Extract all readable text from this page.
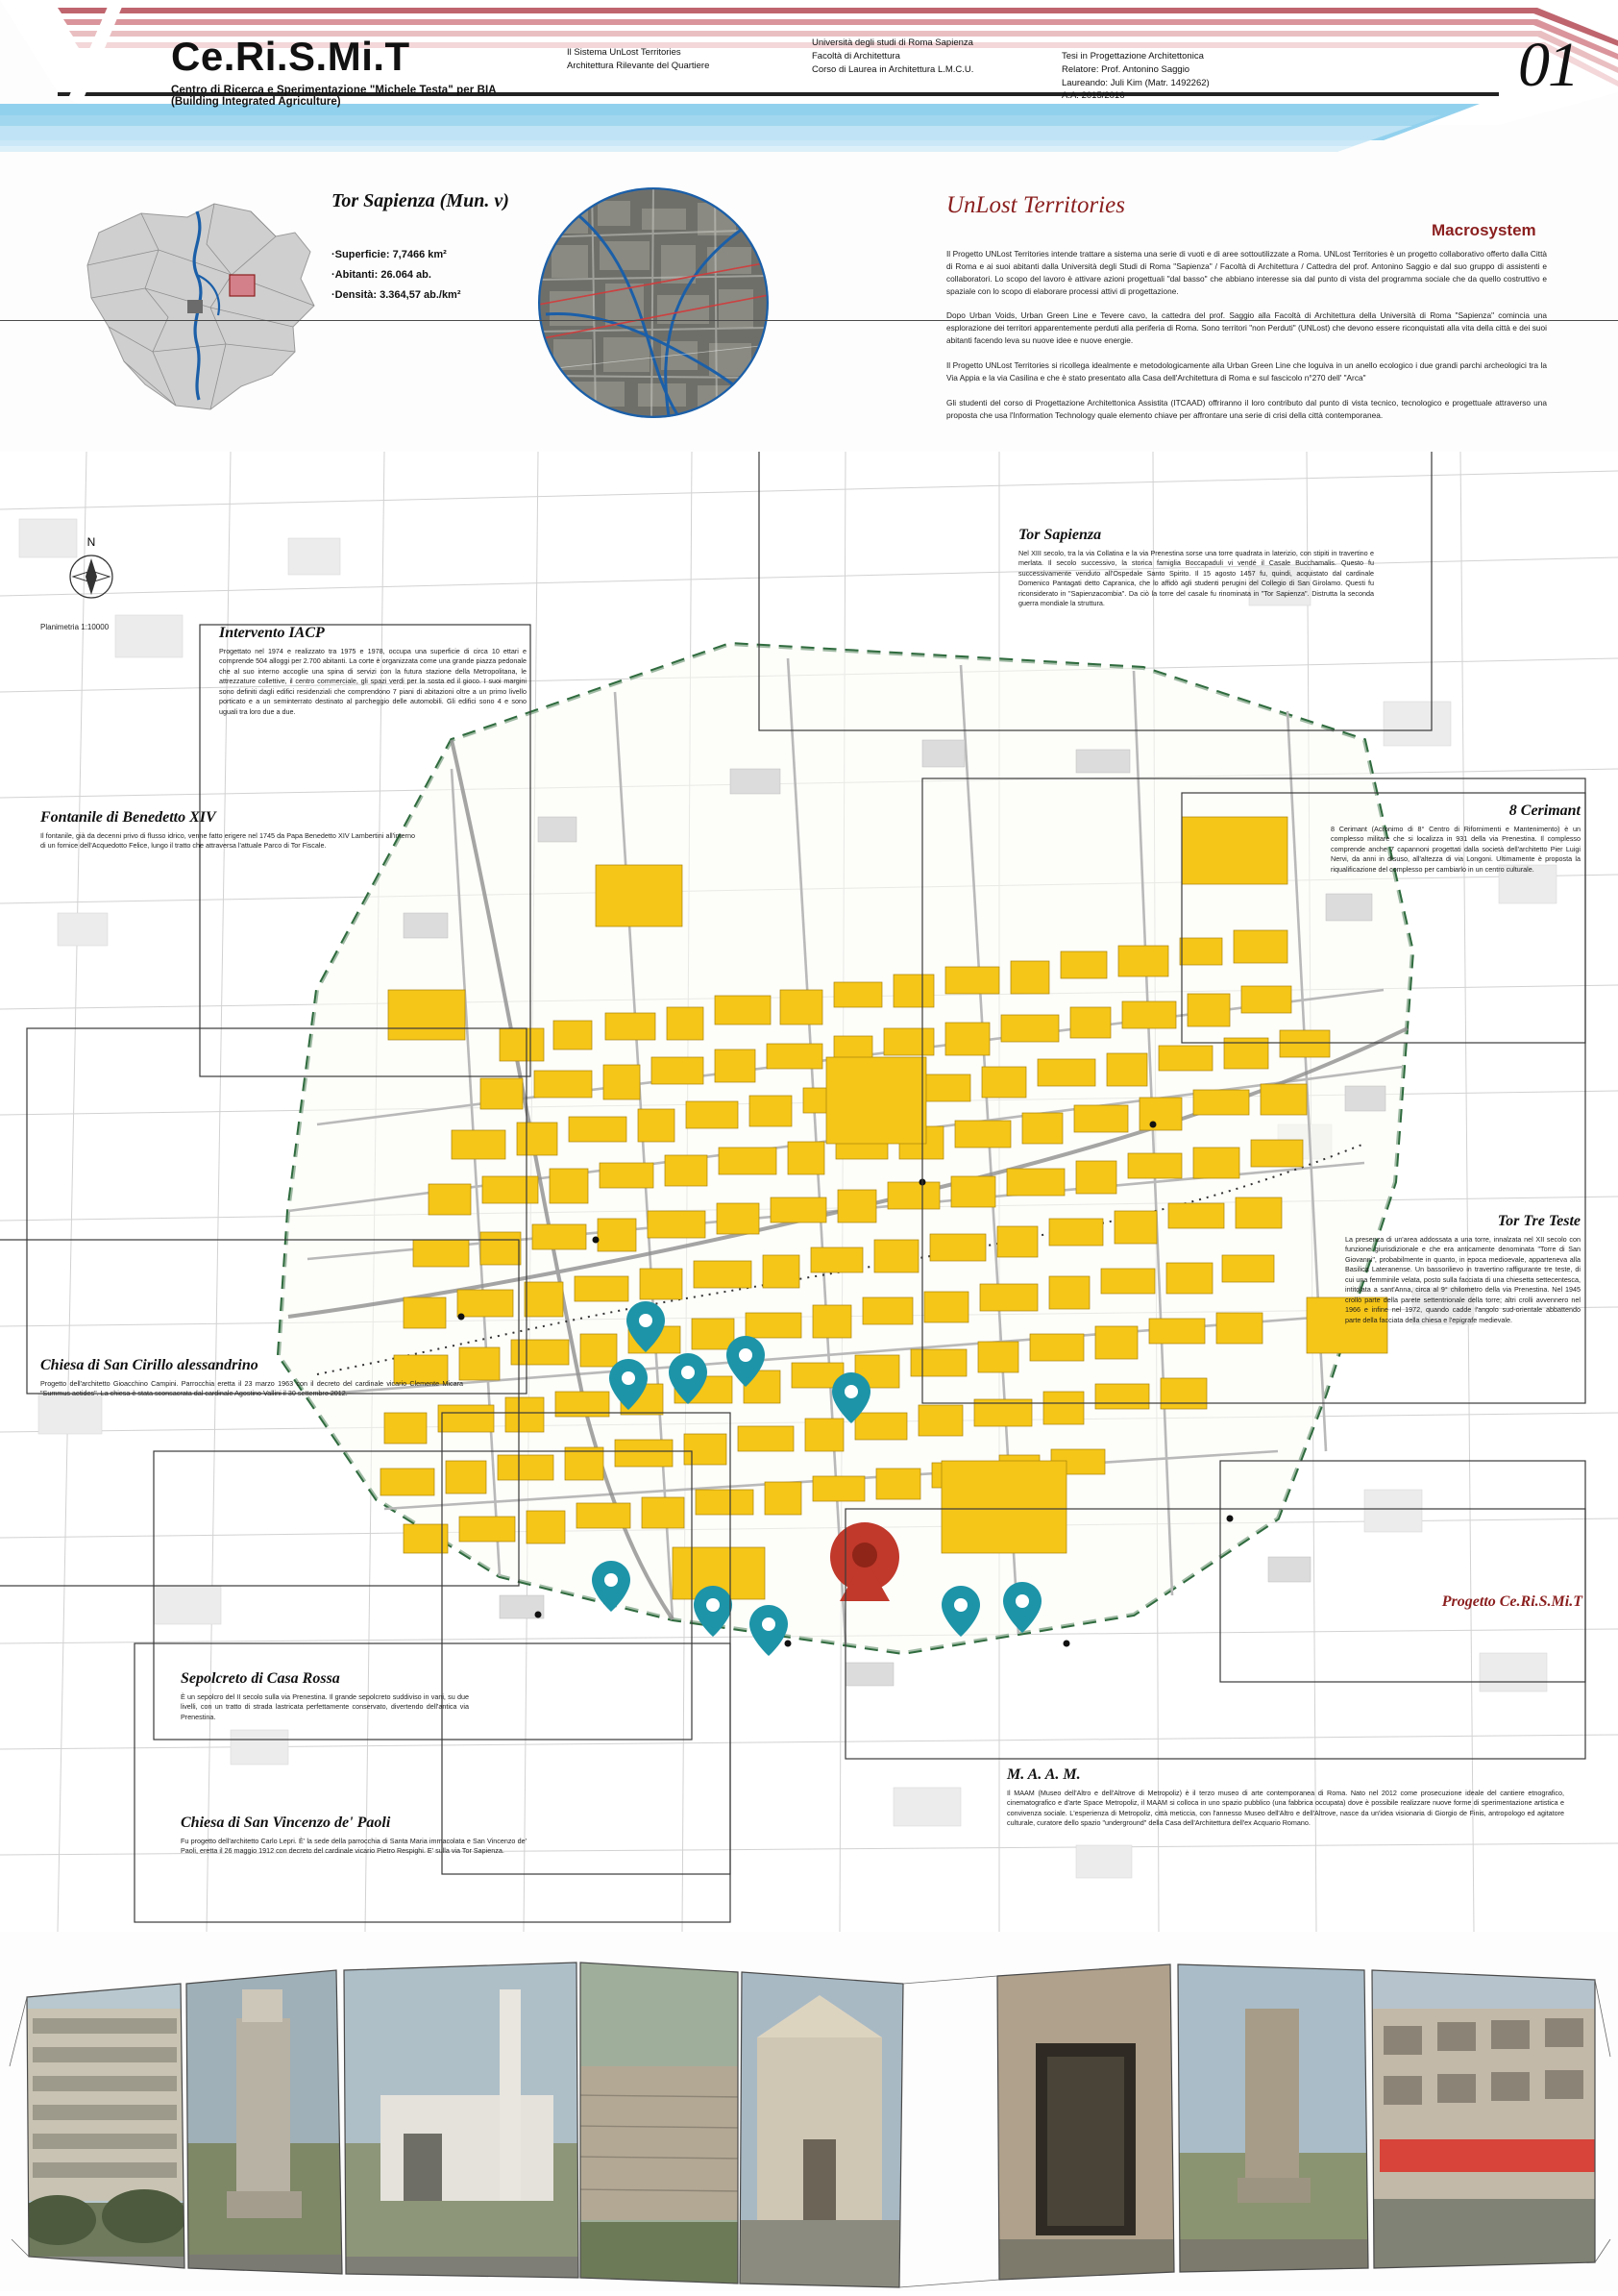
Ce.Ri.S.Mi.T
Centro di Ricerca e Sperimentazione "Michele Testa" per BIA
(Building Integrated Agriculture)
Il Sistema UnLost Territories
Architettura Rilevante del Quartiere
Università degli studi di Roma Sapienza
Facoltà di Architettura
Corso di Laurea in Architettura L.M.C.U.
Tesi in Progettazione Architettonica
Relatore: Prof. Antonino Saggio
Laureando: Juli Kim (Matr. 1492262)
A.A. 2015/2016	01
Tor Sapienza (Mun. v)
·Superficie: 7,7466 km²
·Abitanti: 26.064 ab.
·Densità: 3.364,57 ab./km²
UnLost Territories
Macrosystem

Il Progetto UNLost Territories intende trattare a sistema una serie di vuoti e di aree sottoutilizzate a Roma. UNLost Territories è un progetto collaborativo offerto dalla Città di Roma e ai suoi abitanti dalla Università degli Studi di Roma "Sapienza" / Facoltà di Architettura / Cattedra del prof. Antonino Saggio e dal suo gruppo di assistenti e collaboratori. Lo scopo del lavoro è attivare azioni progettuali "dal basso" che abbiano interesse sia dal punto di vista del programma sociale che da quello costruttivo e spaziale con lo scopo di elaborare processi attivi di progettazione.

Dopo Urban Voids, Urban Green Line e Tevere cavo, la cattedra del prof. Saggio alla Facoltà di Architettura della Università di Roma "Sapienza" comincia una esplorazione dei territori apparentemente perduti alla periferia di Roma. Sono territori "non Perduti" (UNLost) che devono essere riconquistati alla vita della città e dei suoi abitanti facendo leva su nuove idee e nuove energie.

Il Progetto UNLost Territories si ricollega idealmente e metodologicamente alla Urban Green Line che loguiva in un anello ecologico i due grandi parchi archeologici tra la Via Appia e la via Casilina e che è stato presentato alla Casa dell'Architettura di Roma e sul fascicolo n°270 dell' "Arca"

Gli studenti del corso di Progettazione Architettonica Assistita (ITCAAD) offriranno il loro contributo dal punto di vista tecnico, tecnologico e progettuale attraverso una proposta che usa l'Information Technology quale elemento chiave per affrontare una serie di crisi della città contemporanea.

N
Planimetria 1:10000
Tor Sapienza
Nel XIII secolo, tra la via Collatina e la via Prenestina sorse una torre quadrata in laterizio, con stipiti in travertino e merlata. Il secolo successivo, la storica famiglia Boccapaduli vi vendé il Casale Bucchamalis. Questo fu successivamente venduto all'Ospedale Santo Spirito. Il 15 agosto 1457 fu, quindi, acquistato dal cardinale Domenico Pantagati detto Capranica, che lo affidò agli studenti perugini del Collegio di San Girolamo. Questi fu riconsiderato in "Sapienzacombia". Da ciò la torre del casale fu rinominata in "Tor Sapienza". Distrutta la seconda guerra mondiale la struttura.
Intervento IACP
Progettato nel 1974 e realizzato tra 1975 e 1978, occupa una superficie di circa 10 ettari e comprende 504 alloggi per 2.700 abitanti. La corte è organizzata come una grande piazza pedonale che al suo interno accoglie una spina di servizi con la futura stazione della Metropolitana, le attrezzature collettive, il centro commerciale, gli spazi verdi per la sosta ed il gioco. I suoi margini sono definiti dagli edifici residenziali che comprendono 7 piani di abitazioni oltre a un primo livello porticato e a un seminterrato destinato al parcheggio delle automobili. Gli edifici sono 4 e sono uguali tra loro due a due.
Fontanile di Benedetto XIV
Il fontanile, già da decenni privo di flusso idrico, venne fatto erigere nel 1745 da Papa Benedetto XIV Lambertini all'interno di un fornice dell'Acquedotto Felice, lungo il tratto che attraversa l'attuale Parco di Tor Fiscale.
8 Cerimant
8 Cerimant (Acronimo di 8° Centro di Rifornimenti e Mantenimento) è un complesso militare che si localizza in 931 della via Prenestina. Il complesso comprende anche 7 capannoni progettati dalla società dell'architetto Pier Luigi Nervi, da anni in disuso, all'altezza di via Longoni. Ultimamente è proposta la riqualificazione del complesso per cambiarlo in un centro culturale.
Tor Tre Teste
La presenza di un'area addossata a una torre, innalzata nel XII secolo con funzione giurisdizionale e che era anticamente denominata "Torre di San Giovanni", probabilmente in quanto, in epoca medioevale, apparteneva alla Basilica Lateranense. Un bassorilievo in travertino raffigurante tre teste, di cui una femminile velata, posto sulla facciata di una chiesetta settecentesca, intitolata a sant'Anna, circa al 9° chilometro della via Prenestina. Nel 1945 crollò parte della parete settentrionale della torre; altri crolli avvennero nel 1966 e infine nel 1972, quando cadde l'angolo sud-orientale abbattendo parte della facciata della chiesa e l'epigrafe medievale.
Chiesa di San Cirillo alessandrino
Progetto dell'architetto Gioacchino Campini. Parrocchia eretta il 23 marzo 1963 con il decreto del cardinale vicario Clemente Micara "Summus aetides". La chiesa è stata sconsacrata dal cardinale Agostino Vallini il 30 settembre 2012.
Progetto Ce.Ri.S.Mi.T
Sepolcreto di Casa Rossa
È un sepolcro del II secolo sulla via Prenestina. Il grande sepolcreto suddiviso in vani, su due livelli, con un tratto di strada lastricata perfettamente conservato, divertendo dell'antica via Prenestina.
M. A. A. M.
Il MAAM (Museo dell'Altro e dell'Altrove di Metropoliz) è il terzo museo di arte contemporanea di Roma. Nato nel 2012 come prosecuzione ideale del cantiere etnografico, cinematografico e d'arte Space Metropoliz, il MAAM si colloca in uno spazio pubblico (una fabbrica occupata) dove è possibile realizzare nuove forme di sperimentazione artistica e convivenza sociale. L'esperienza di Metropoliz, città meticcia, con l'annesso Museo dell'Altro e dell'Altrove, nasce da un'idea visionaria di Giorgio de Finis, antropologo ed agitatore culturale, curatore dello spazio "underground" della Casa dell'Architettura dell'ex Acquario Romano.
Chiesa di San Vincenzo de' Paoli
Fu progetto dell'architetto Carlo Lepri. È' la sede della parrocchia di Santa Maria immacolata e San Vincenzo de' Paoli, eretta il 26 maggio 1912 con decreto del cardinale vicario Pietro Respighi. E' sulla via Tor Sapienza.
